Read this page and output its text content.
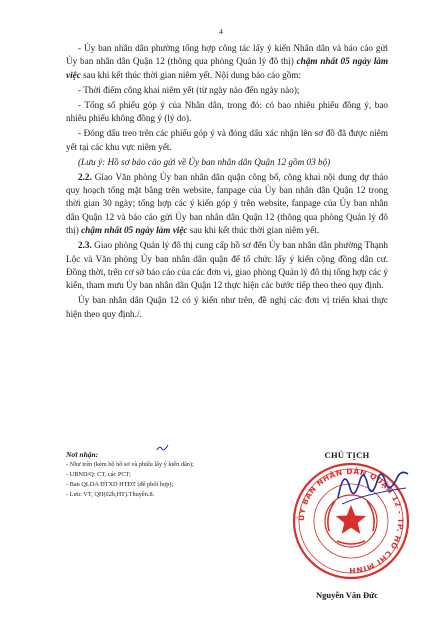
4

- Ủy ban nhân dân phường tổng hợp công tác lấy ý kiến Nhân dân và báo cáo gửi Ủy ban nhân dân Quận 12 (thông qua phòng Quản lý đô thị) chậm nhất 05 ngày làm việc sau khi kết thúc thời gian niêm yết. Nội dung báo cáo gồm:

- Thời điểm công khai niêm yết (từ ngày nào đến ngày nào);

- Tổng số phiếu góp ý của Nhân dân, trong đó: có bao nhiêu phiếu đồng ý, bao nhiêu phiếu không đồng ý (lý do).

- Đóng dấu treo trên các phiếu góp ý và đóng dấu xác nhận lên sơ đồ đã được niêm yết tại các khu vực niêm yết.

(Lưu ý: Hồ sơ báo cáo gửi về Ủy ban nhân dân Quận 12 gồm 03 bộ)

2.2. Giao Văn phòng Ủy ban nhân dân quận công bố, công khai nội dung dự thảo quy hoạch tổng mặt bằng trên website, fanpage của Ủy ban nhân dân Quận 12 trong thời gian 30 ngày; tổng hợp các ý kiến góp ý trên website, fanpage của Ủy ban nhân dân Quận 12 và báo cáo gửi Ủy ban nhân dân Quận 12 (thông qua phòng Quản lý đô thị) chậm nhất 05 ngày làm việc sau khi kết thúc thời gian niêm yết.

2.3. Giao phòng Quản lý đô thị cung cấp hồ sơ đến Ủy ban nhân dân phường Thạnh Lộc và Văn phòng Ủy ban nhân dân quận để tổ chức lấy ý kiến cộng đồng dân cư. Đồng thời, trên cơ sở báo cáo của các đơn vị, giao phòng Quản lý đô thị tổng hợp các ý kiến, tham mưu Ủy ban nhân dân Quận 12 thực hiện các bước tiếp theo theo quy định.

Ủy ban nhân dân Quận 12 có ý kiến như trên, đề nghị các đơn vị triển khai thực hiện theo quy định./.

Nơi nhận:
- Như trên (kèm bộ hồ sơ và phiếu lấy ý kiến dân);
- UBND/Q: CT, các PCT;
- Ban QLDA ĐTXD HTĐT (để phối hợp);
- Lưu: VT, QH(02b,HT).Thuyền.8.
CHỦ TỊCH
ỦY BAN NHÂN DÂN QUẬN 12 - TP. HỒ CHÍ MINH
Nguyễn Văn Đức
